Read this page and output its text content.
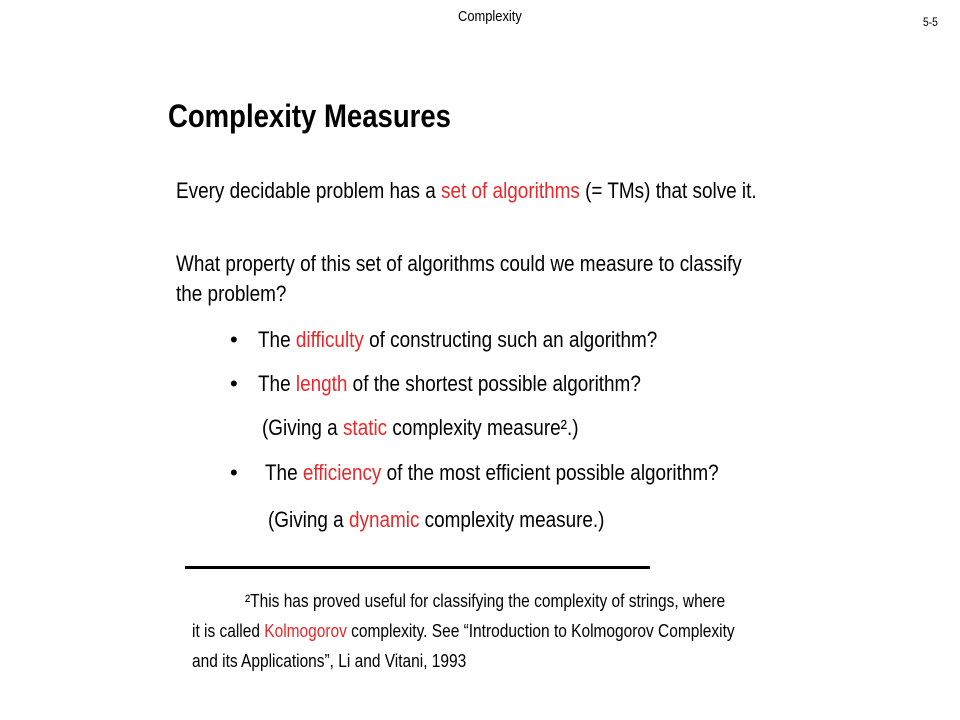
Complexity	5-5
Complexity Measures
Every decidable problem has a set of algorithms (= TMs) that solve it.
What property of this set of algorithms could we measure to classify
the problem?
• The difficulty of constructing such an algorithm?
• The length of the shortest possible algorithm?
(Giving a static complexity measure².)
• The efficiency of the most efficient possible algorithm?
(Giving a dynamic complexity measure.)
²This has proved useful for classifying the complexity of strings, where
it is called Kolmogorov complexity. See “Introduction to Kolmogorov Complexity
and its Applications”, Li and Vitani, 1993
